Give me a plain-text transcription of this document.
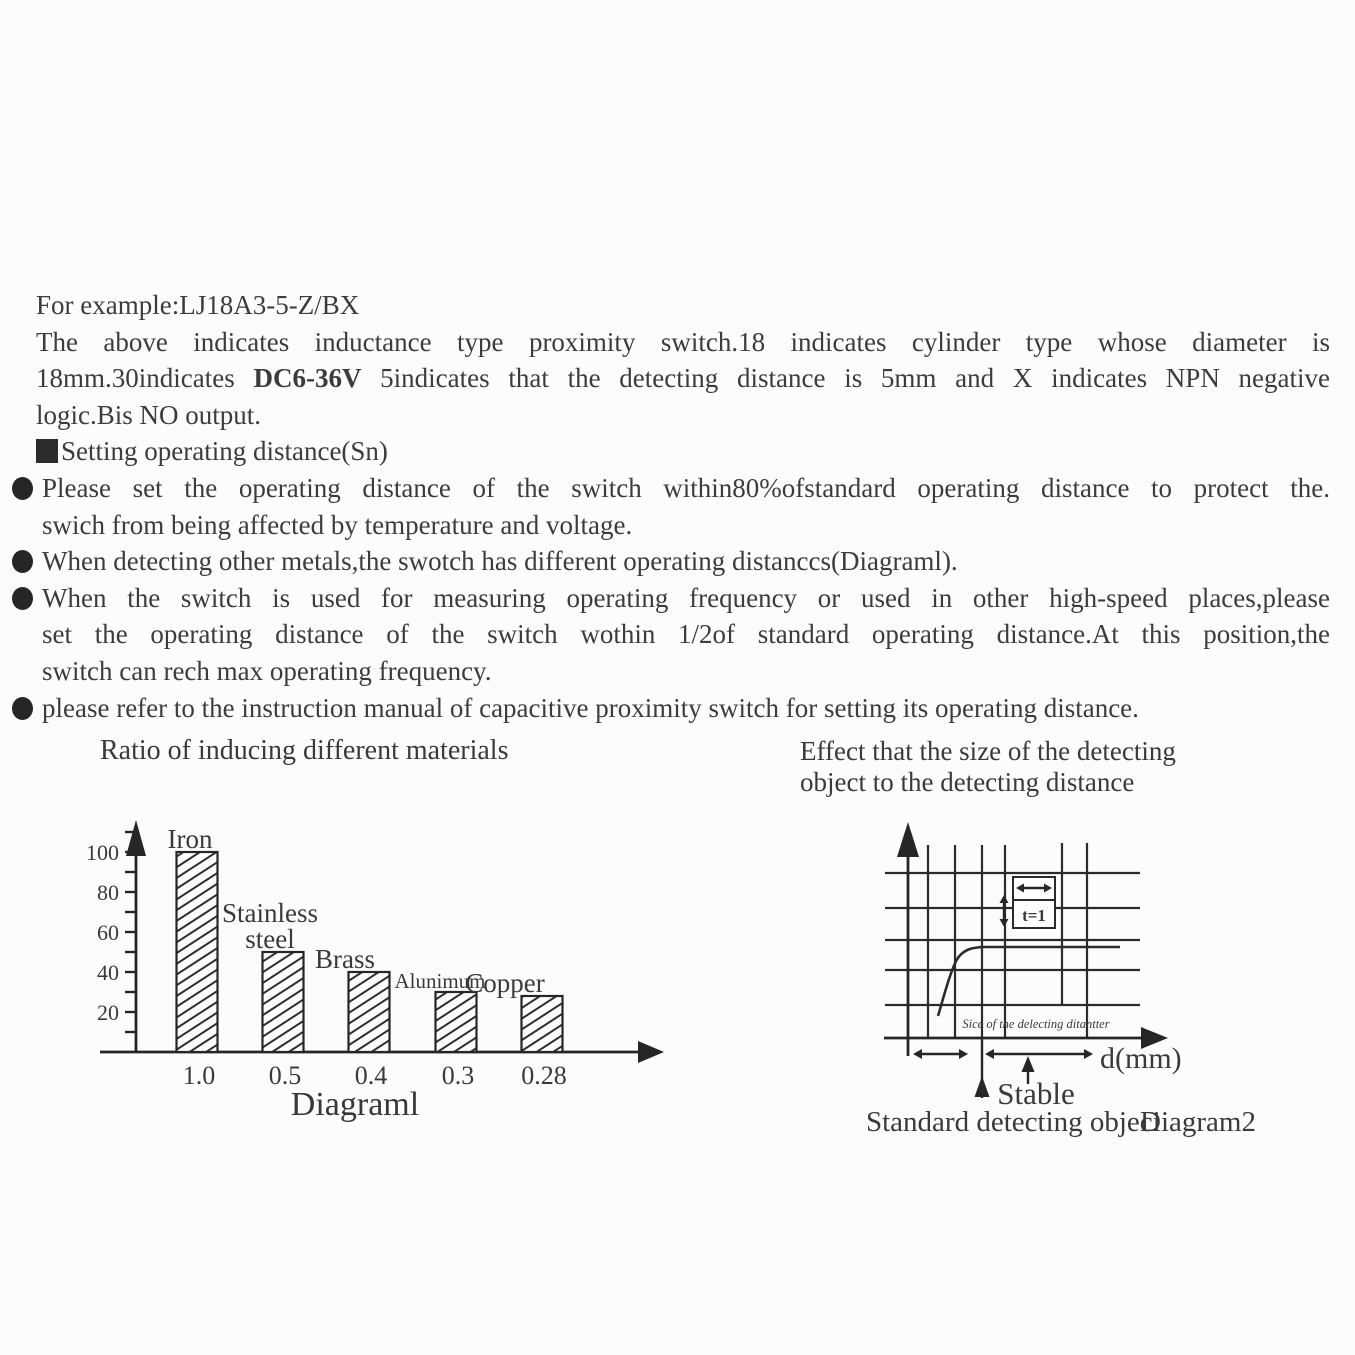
For example:LJ18A3-5-Z/BX
The above indicates inductance type proximity switch.18 indicates cylinder type whose diameter is
18mm.30indicates DC6-36V 5indicates that the detecting distance is 5mm and X indicates NPN negative
logic.Bis NO output.
Setting operating distance(Sn)
Please set the operating distance of the switch within80%ofstandard operating distance to protect the.
swich from being affected by temperature and voltage.
When detecting other metals,the swotch has different operating distanccs(Diagraml).
When the switch is used for measuring operating frequency or used in other high-speed places,please
set the operating distance of the switch wothin 1/2of standard operating distance.At this position,the
switch can rech max operating frequency.
please refer to the instruction manual of capacitive proximity switch for setting its operating distance.
Ratio of inducing different materials	Effect that the size of the detecting
object to the detecting distance
20
40
60
80
100 Iron
1.0
Stainless
steel
0.5
Brass
0.4
Alunimum
0.3
Copper
0.28
Diagraml
t=1
Sice of the delecting ditantter
d(mm)
Stable
Standard detecting objeci
Diagram2
